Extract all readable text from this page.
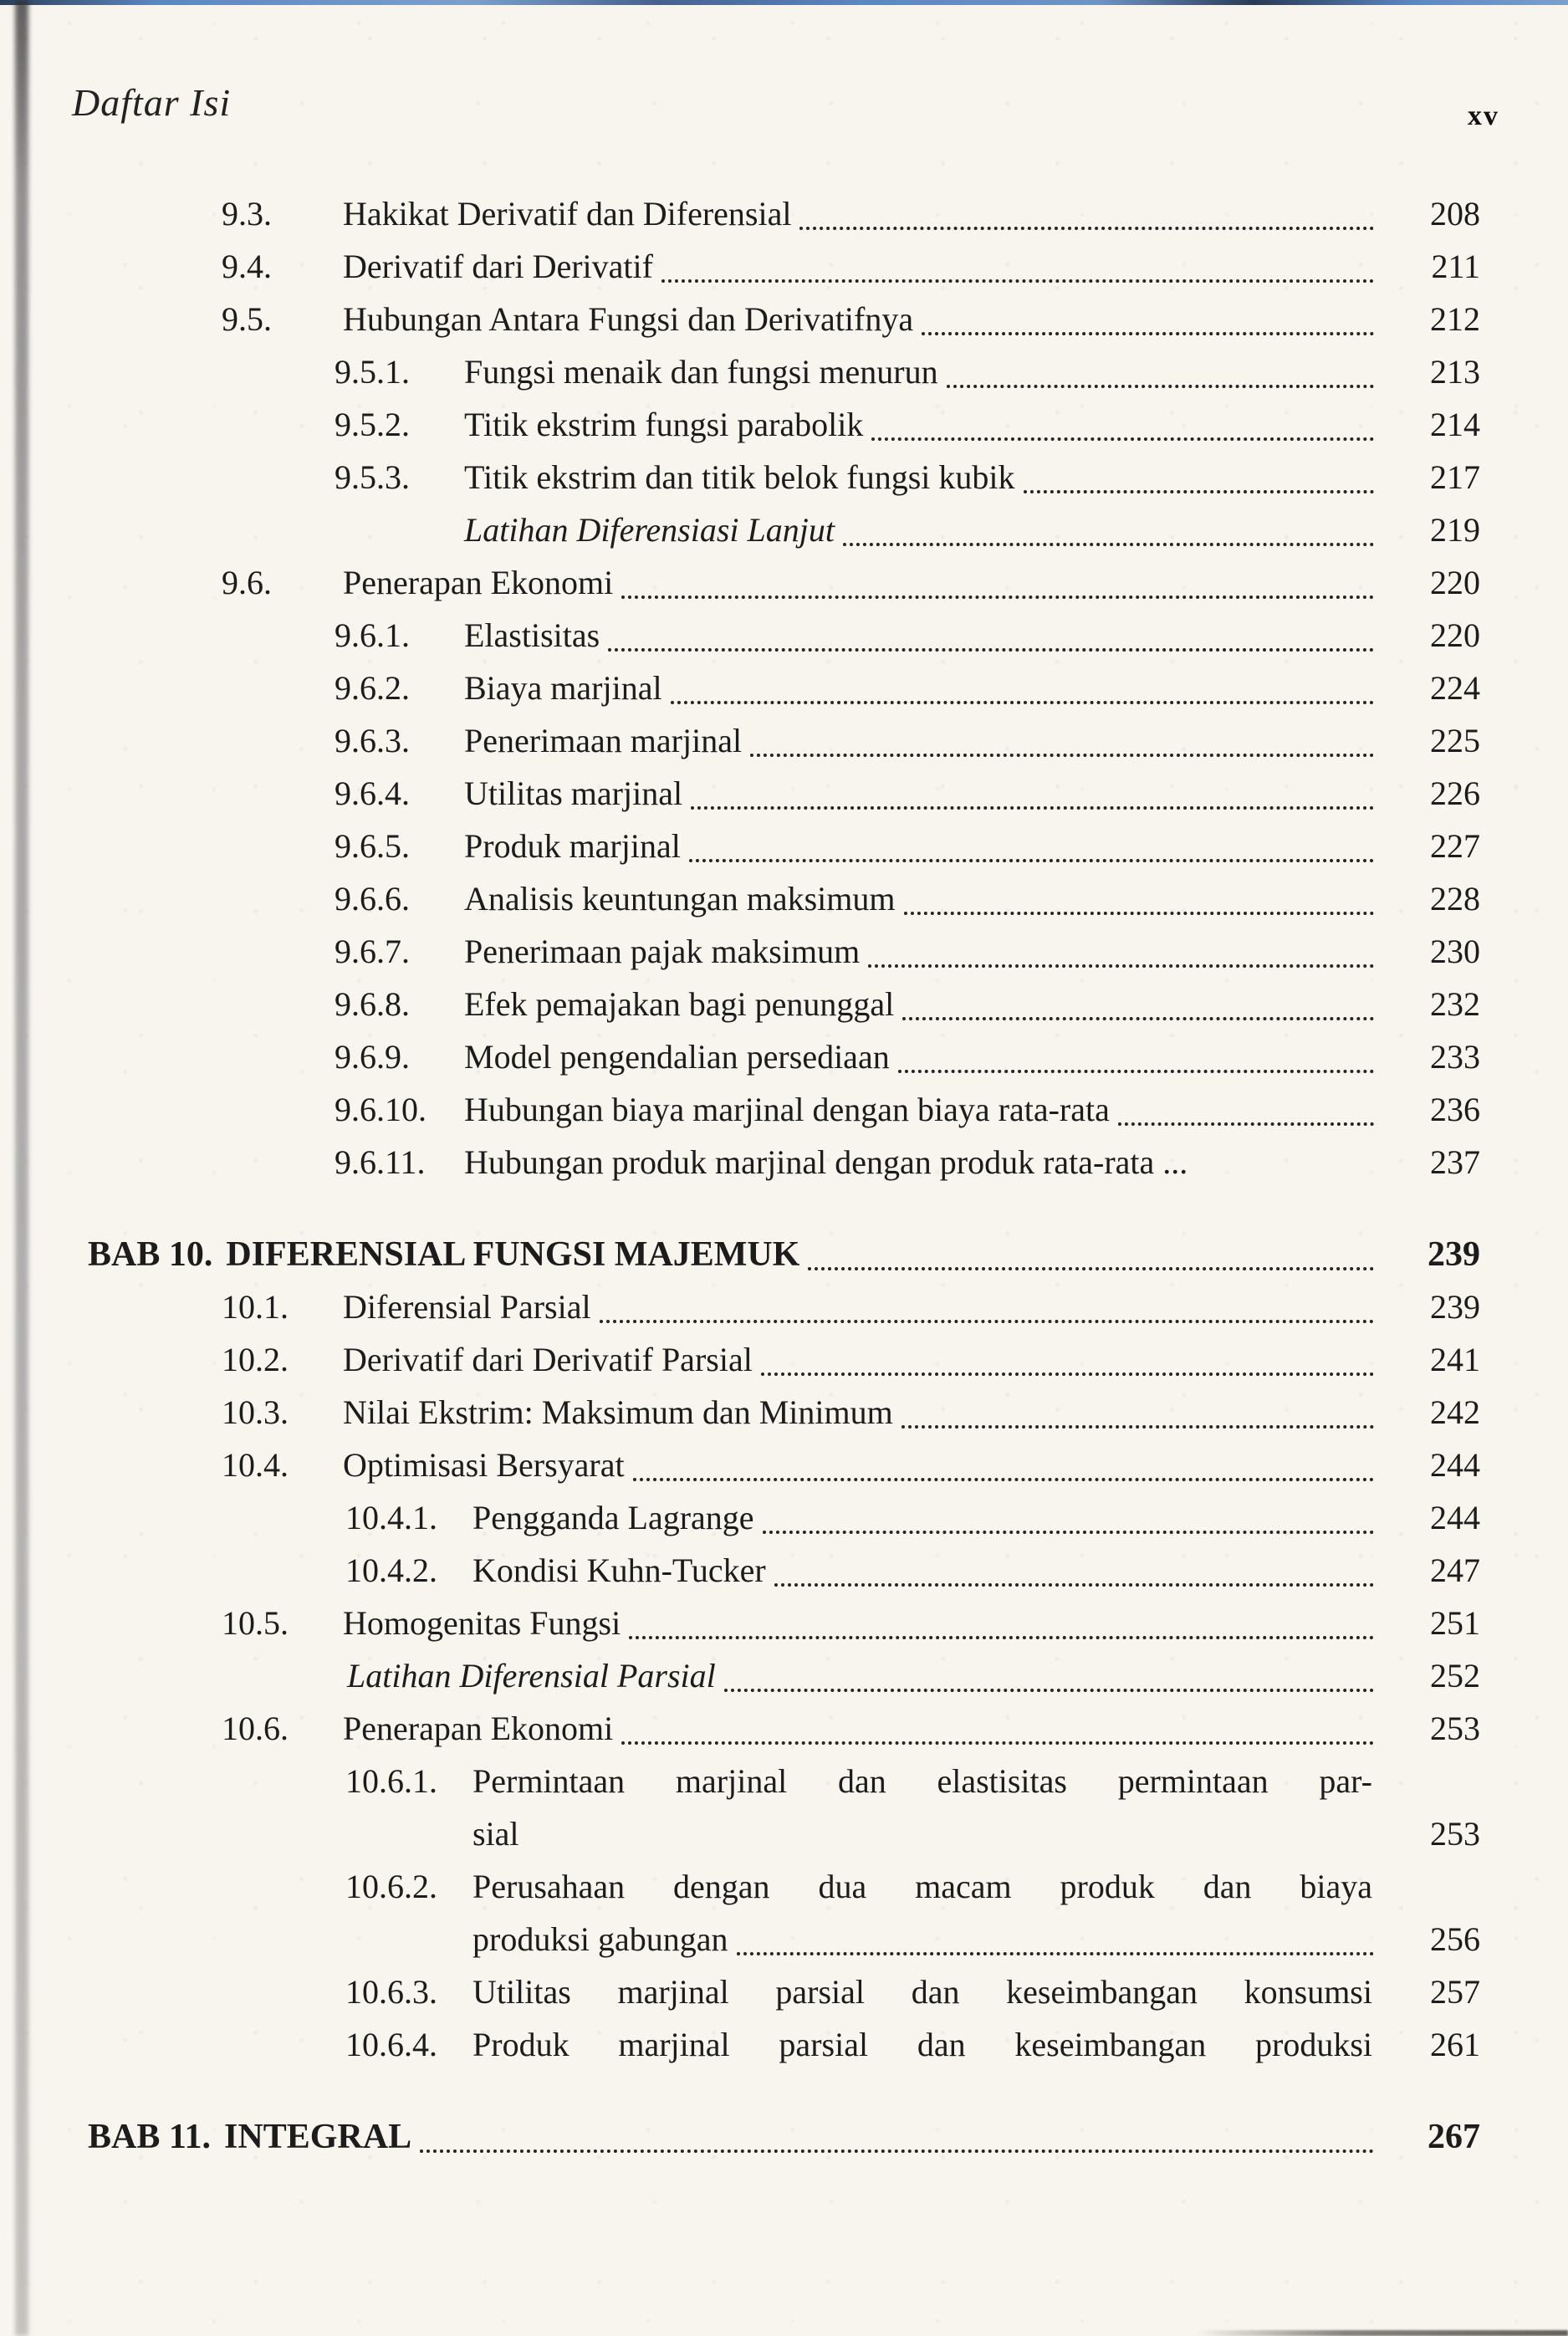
Daftar Isi	xv
9.3.	Hakikat Derivatif dan Diferensial	208
9.4.	Derivatif dari Derivatif	211
9.5.	Hubungan Antara Fungsi dan Derivatifnya	212
9.5.1.	Fungsi menaik dan fungsi menurun	213
9.5.2.	Titik ekstrim fungsi parabolik	214
9.5.3.	Titik ekstrim dan titik belok fungsi kubik	217
Latihan Diferensiasi Lanjut	219
9.6.	Penerapan Ekonomi	220
9.6.1.	Elastisitas	220
9.6.2.	Biaya marjinal	224
9.6.3.	Penerimaan marjinal	225
9.6.4.	Utilitas marjinal	226
9.6.5.	Produk marjinal	227
9.6.6.	Analisis keuntungan maksimum	228
9.6.7.	Penerimaan pajak maksimum	230
9.6.8.	Efek pemajakan bagi penunggal	232
9.6.9.	Model pengendalian persediaan	233
9.6.10.	Hubungan biaya marjinal dengan biaya rata-rata	236
9.6.11.	Hubungan produk marjinal dengan produk rata-rata ...	237
BAB 10. DIFERENSIAL FUNGSI MAJEMUK	239
10.1.	Diferensial Parsial	239
10.2.	Derivatif dari Derivatif Parsial	241
10.3.	Nilai Ekstrim: Maksimum dan Minimum	242
10.4.	Optimisasi Bersyarat	244
10.4.1.	Pengganda Lagrange	244
10.4.2.	Kondisi Kuhn-Tucker	247
10.5.	Homogenitas Fungsi	251
Latihan Diferensial Parsial	252
10.6.	Penerapan Ekonomi	253
10.6.1.	Permintaan marjinal dan elastisitas permintaan par-
sial	253
10.6.2.	Perusahaan dengan dua macam produk dan biaya
produksi gabungan	256
10.6.3.	Utilitas marjinal parsial dan keseimbangan konsumsi	257
10.6.4.	Produk marjinal parsial dan keseimbangan produksi	261
BAB 11. INTEGRAL	267
